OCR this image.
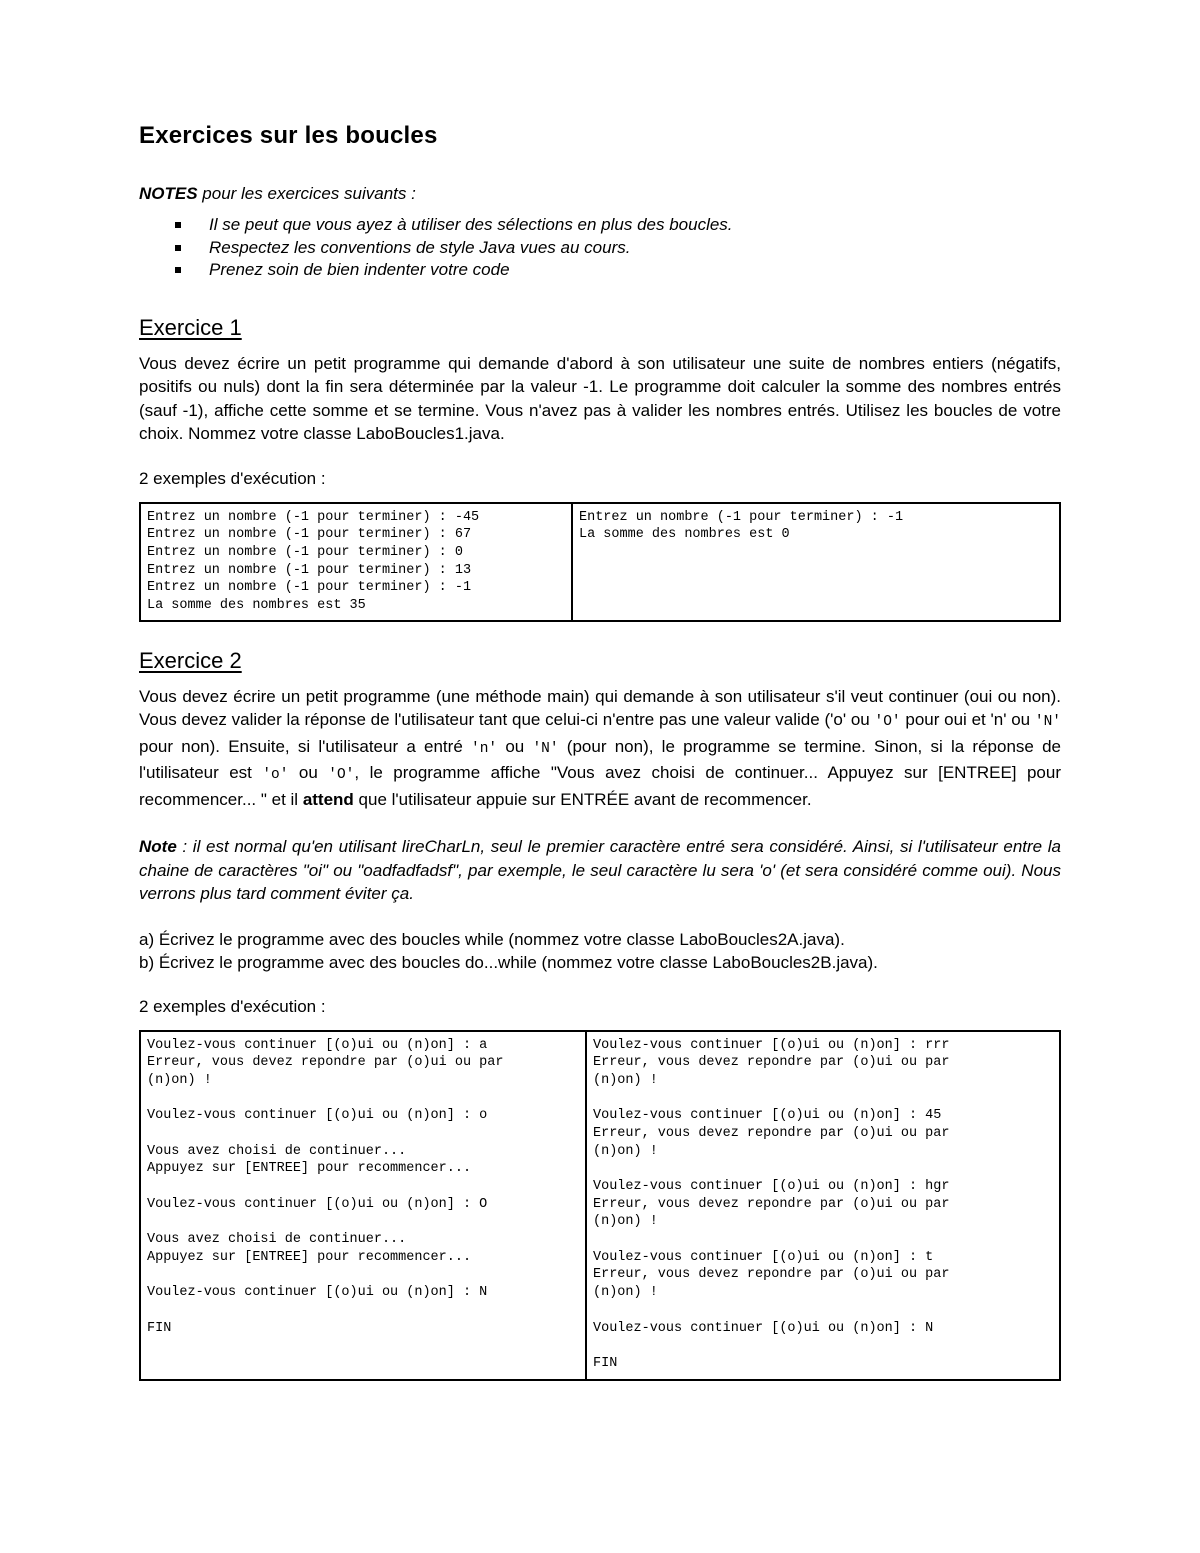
Exercices sur les boucles
NOTES pour les exercices suivants :
Il se peut que vous ayez à utiliser des sélections en plus des boucles.
Respectez les conventions de style Java vues au cours.
Prenez soin de bien indenter votre code
Exercice 1

Vous devez écrire un petit programme qui demande d'abord à son utilisateur une suite de nombres entiers (négatifs, positifs ou nuls) dont la fin sera déterminée par la valeur -1. Le programme doit calculer la somme des nombres entrés (sauf -1), affiche cette somme et se termine. Vous n'avez pas à valider les nombres entrés. Utilisez les boucles de votre choix. Nommez votre classe LaboBoucles1.java.

2 exemples d'exécution :
Entrez un nombre (-1 pour terminer) : -45
Entrez un nombre (-1 pour terminer) : 67
Entrez un nombre (-1 pour terminer) : 0
Entrez un nombre (-1 pour terminer) : 13
Entrez un nombre (-1 pour terminer) : -1
La somme des nombres est 35

Entrez un nombre (-1 pour terminer) : -1
La somme des nombres est 0
Exercice 2

Vous devez écrire un petit programme (une méthode main) qui demande à son utilisateur s'il veut continuer (oui ou non). Vous devez valider la réponse de l'utilisateur tant que celui-ci n'entre pas une valeur valide ('o' ou 'O' pour oui et 'n' ou 'N' pour non). Ensuite, si l'utilisateur a entré 'n' ou 'N' (pour non), le programme se termine. Sinon, si la réponse de l'utilisateur est 'o' ou 'O', le programme affiche "Vous avez choisi de continuer... Appuyez sur [ENTREE] pour recommencer... " et il attend que l'utilisateur appuie sur ENTRÉE avant de recommencer.

Note : il est normal qu'en utilisant lireCharLn, seul le premier caractère entré sera considéré. Ainsi, si l'utilisateur entre la chaine de caractères "oi" ou "oadfadfadsf", par exemple, le seul caractère lu sera 'o' (et sera considéré comme oui). Nous verrons plus tard comment éviter ça.

a) Écrivez le programme avec des boucles while (nommez votre classe LaboBoucles2A.java).
b) Écrivez le programme avec des boucles do...while (nommez votre classe LaboBoucles2B.java).
2 exemples d'exécution :
Voulez-vous continuer [(o)ui ou (n)on] : a
Erreur, vous devez repondre par (o)ui ou par
(n)on) !
Voulez-vous continuer [(o)ui ou (n)on] : o
Vous avez choisi de continuer...
Appuyez sur [ENTREE] pour recommencer...
Voulez-vous continuer [(o)ui ou (n)on] : O
Vous avez choisi de continuer...
Appuyez sur [ENTREE] pour recommencer...
Voulez-vous continuer [(o)ui ou (n)on] : N
FIN

Voulez-vous continuer [(o)ui ou (n)on] : rrr
Erreur, vous devez repondre par (o)ui ou par
(n)on) !
Voulez-vous continuer [(o)ui ou (n)on] : 45
Erreur, vous devez repondre par (o)ui ou par
(n)on) !
Voulez-vous continuer [(o)ui ou (n)on] : hgr
Erreur, vous devez repondre par (o)ui ou par
(n)on) !
Voulez-vous continuer [(o)ui ou (n)on] : t
Erreur, vous devez repondre par (o)ui ou par
(n)on) !
Voulez-vous continuer [(o)ui ou (n)on] : N
FIN
